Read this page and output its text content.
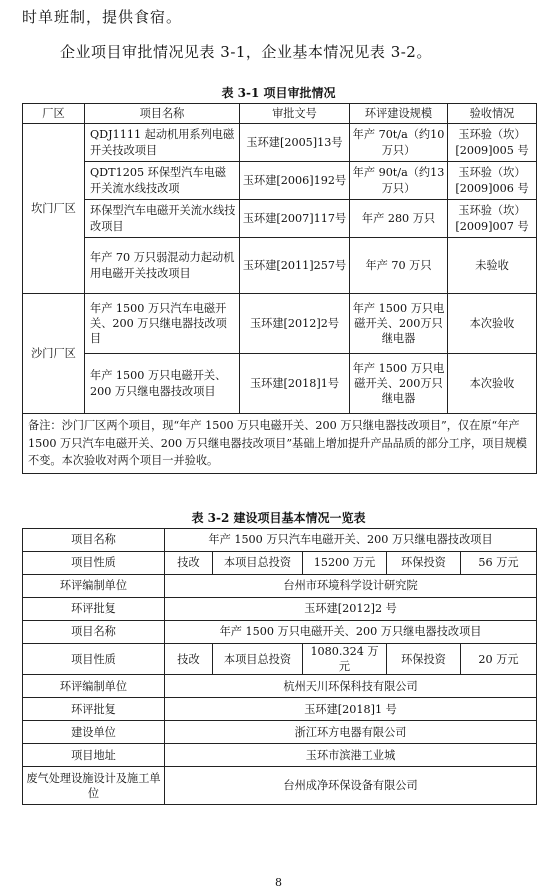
时单班制，提供食宿。
企业项目审批情况见表 3-1，企业基本情况见表 3-2。
表 3-1 项目审批情况
厂区	项目名称	审批文号	环评建设规模	验收情况
坎门厂区	QDJ1111 起动机用系列电磁开关技改项目	玉环建[2005]13号	年产 70t/a（约10 万只）	玉环验（坎）[2009]005 号
	QDT1205 环保型汽车电磁开关流水线技改项	玉环建[2006]192号	年产 90t/a（约13 万只）	玉环验（坎）[2009]006 号
	环保型汽车电磁开关流水线技改项目	玉环建[2007]117号	年产 280 万只	玉环验（坎）[2009]007 号
	年产 70 万只弱混动力起动机用电磁开关技改项目	玉环建[2011]257号	年产 70 万只	未验收
沙门厂区	年产 1500 万只汽车电磁开关、200 万只继电器技改项目	玉环建[2012]2号	年产 1500 万只电磁开关、200万只继电器	本次验收
	年产 1500 万只电磁开关、200 万只继电器技改项目	玉环建[2018]1号	年产 1500 万只电磁开关、200万只继电器	本次验收
备注：沙门厂区两个项目，现“年产 1500 万只电磁开关、200 万只继电器技改项目”，仅在原“年产 1500 万只汽车电磁开关、200 万只继电器技改项目”基础上增加提升产品品质的部分工序，项目规模不变。本次验收对两个项目一并验收。				
表 3-2 建设项目基本情况一览表
项目名称	年产 1500 万只汽车电磁开关、200 万只继电器技改项目				
项目性质	技改	本项目总投资	15200 万元	环保投资	56 万元
环评编制单位	台州市环境科学设计研究院				
环评批复	玉环建[2012]2 号				
项目名称	年产 1500 万只电磁开关、200 万只继电器技改项目				
项目性质	技改	本项目总投资	1080.324 万元	环保投资	20 万元
环评编制单位	杭州天川环保科技有限公司				
环评批复	玉环建[2018]1 号				
建设单位	浙江环方电器有限公司				
项目地址	玉环市滨港工业城				
废气处理设施设计及施工单位	台州成净环保设备有限公司				
8
